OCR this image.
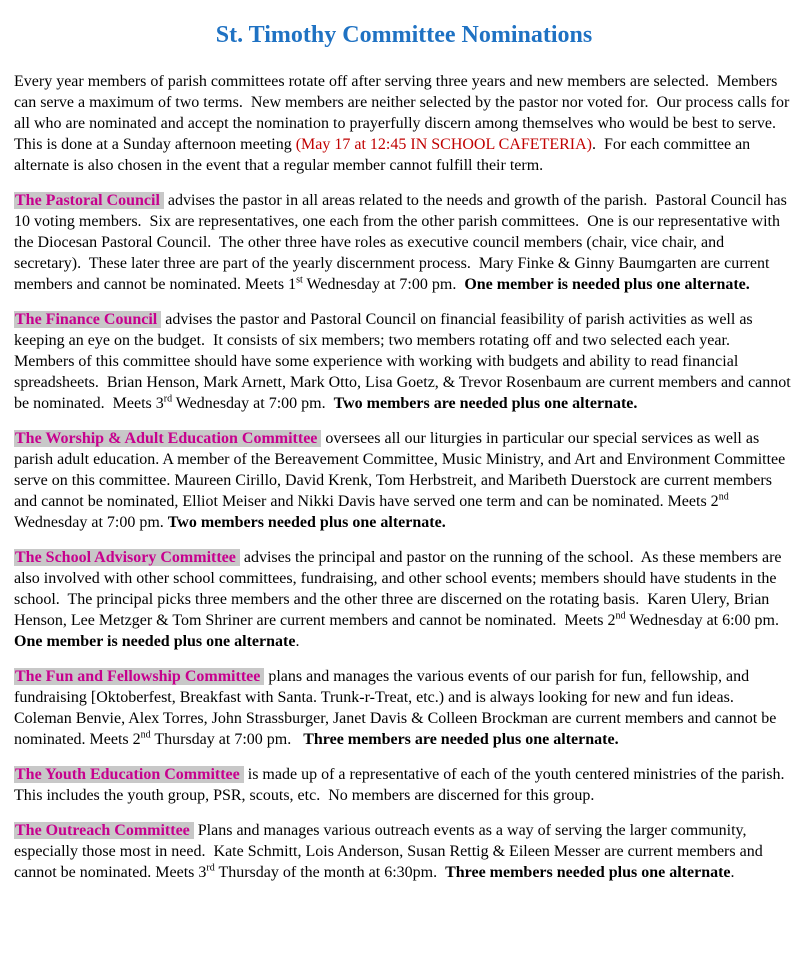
St. Timothy Committee Nominations

Every year members of parish committees rotate off after serving three years and new members are selected.  Members can serve a maximum of two terms.  New members are neither selected by the pastor nor voted for.  Our process calls for all who are nominated and accept the nomination to prayerfully discern among themselves who would be best to serve.  This is done at a Sunday afternoon meeting (May 17 at 12:45 IN SCHOOL CAFETERIA).  For each committee an alternate is also chosen in the event that a regular member cannot fulfill their term.

The Pastoral Council advises the pastor in all areas related to the needs and growth of the parish.  Pastoral Council has 10 voting members.  Six are representatives, one each from the other parish committees.  One is our representative with the Diocesan Pastoral Council.  The other three have roles as executive council members (chair, vice chair, and secretary).  These later three are part of the yearly discernment process.  Mary Finke & Ginny Baumgarten are current members and cannot be nominated. Meets 1st Wednesday at 7:00 pm.  One member is needed plus one alternate.

The Finance Council advises the pastor and Pastoral Council on financial feasibility of parish activities as well as keeping an eye on the budget.  It consists of six members; two members rotating off and two selected each year.  Members of this committee should have some experience with working with budgets and ability to read financial spreadsheets.  Brian Henson, Mark Arnett, Mark Otto, Lisa Goetz, & Trevor Rosenbaum are current members and cannot be nominated.  Meets 3rd Wednesday at 7:00 pm.  Two members are needed plus one alternate.

The Worship & Adult Education Committee oversees all our liturgies in particular our special services as well as parish adult education. A member of the Bereavement Committee, Music Ministry, and Art and Environment Committee serve on this committee. Maureen Cirillo, David Krenk, Tom Herbstreit, and Maribeth Duerstock are current members and cannot be nominated, Elliot Meiser and Nikki Davis have served one term and can be nominated. Meets 2nd Wednesday at 7:00 pm. Two members needed plus one alternate.

The School Advisory Committee advises the principal and pastor on the running of the school.  As these members are also involved with other school committees, fundraising, and other school events; members should have students in the school.  The principal picks three members and the other three are discerned on the rotating basis.  Karen Ulery, Brian Henson, Lee Metzger & Tom Shriner are current members and cannot be nominated.  Meets 2nd Wednesday at 6:00 pm.  One member is needed plus one alternate.

The Fun and Fellowship Committee plans and manages the various events of our parish for fun, fellowship, and fundraising [Oktoberfest, Breakfast with Santa. Trunk-r-Treat, etc.) and is always looking for new and fun ideas.  Coleman Benvie, Alex Torres, John Strassburger, Janet Davis & Colleen Brockman are current members and cannot be nominated. Meets 2nd Thursday at 7:00 pm.   Three members are needed plus one alternate.

The Youth Education Committee is made up of a representative of each of the youth centered ministries of the parish.  This includes the youth group, PSR, scouts, etc.  No members are discerned for this group.

The Outreach Committee Plans and manages various outreach events as a way of serving the larger community, especially those most in need.  Kate Schmitt, Lois Anderson, Susan Rettig & Eileen Messer are current members and cannot be nominated. Meets 3rd Thursday of the month at 6:30pm.  Three members needed plus one alternate.
